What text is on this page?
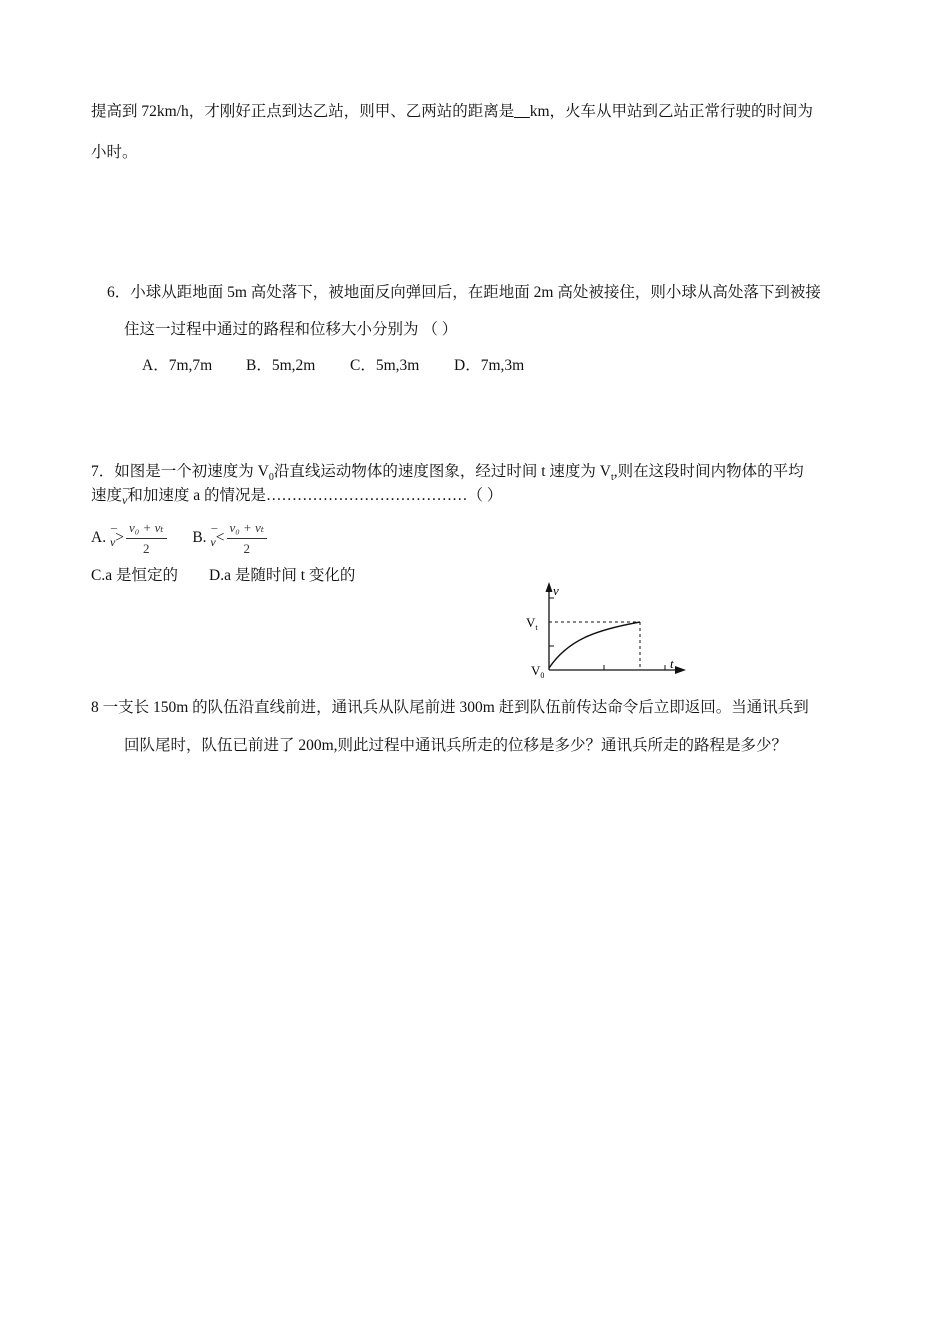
提高到 72km/h，才刚好正点到达乙站，则甲、乙两站的距离是__km，火车从甲站到乙站正常行驶的时间为
小时。
6．小球从距地面 5m 高处落下，被地面反向弹回后，在距地面 2m 高处被接住，则小球从高处落下到被接
住这一过程中通过的路程和位移大小分别为 （ ）
A．7m,7m B．5m,2m C．5m,3m D．7m,3m
7．如图是一个初速度为 $V_0$沿直线运动物体的速度图象，经过时间 t 速度为 $V_t$,则在这段时间内物体的平均
速度¯ $_v$和加速度 a 的情况是…………………………………（ ）
A. ¯ $_v> \frac{\text{v₀ + vₜ}}{2} B$. ¯ $_v< \frac{\text{v₀ + vₜ}}{2}$
C.a 是恒定的 D.a 是随时间 t 变化的
v
t
$V_t$
$V_0$
8 一支长 150m 的队伍沿直线前进，通讯兵从队尾前进 300m 赶到队伍前传达命令后立即返回。当通讯兵到
回队尾时，队伍已前进了 200m,则此过程中通讯兵所走的位移是多少？通讯兵所走的路程是多少？
